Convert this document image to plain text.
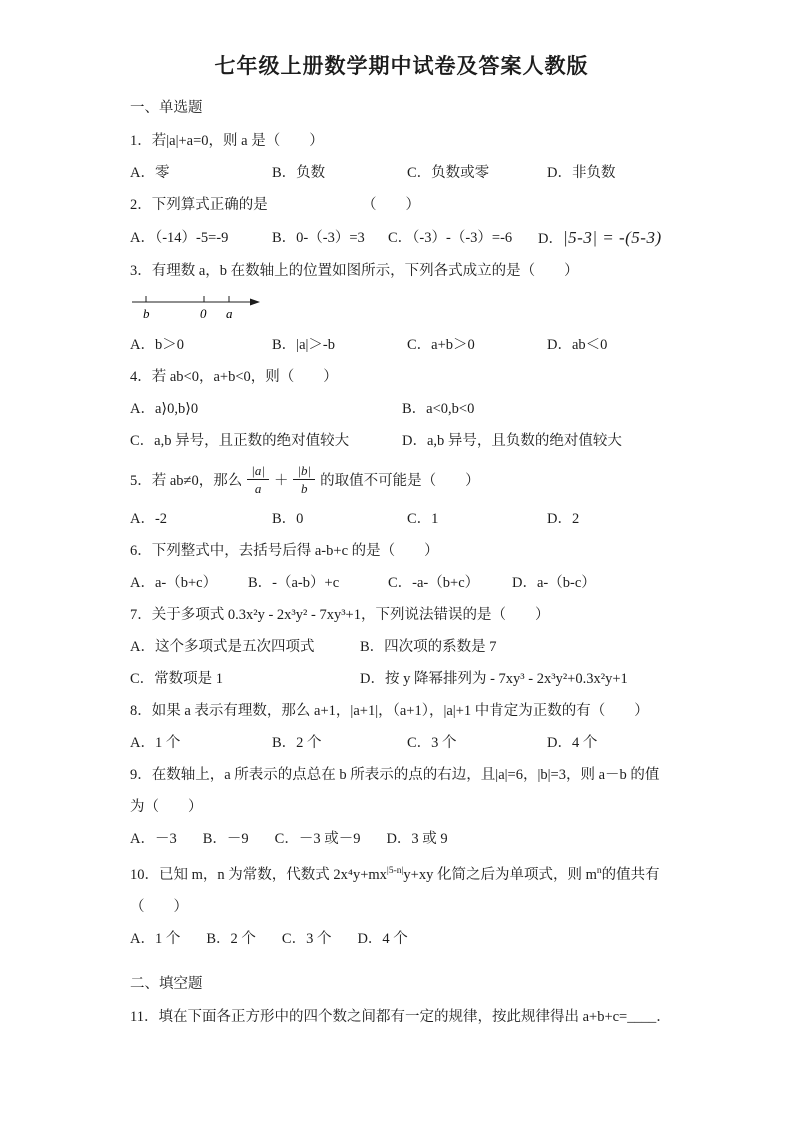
七年级上册数学期中试卷及答案人教版
一、单选题

1．若|a|+a=0，则 a 是（　　）

A．零	B．负数	C．负数或零	D．非负数

2．下列算式正确的是　　　　　　　（　　）

A．（-14）-5=-9	B．0-（-3）=3	C．（-3）-（-3）=-6	D．|5-3| = -(5-3)

3．有理数 a，b 在数轴上的位置如图所示，下列各式成立的是（　　）

b	0 a
A．b＞0	B．|a|＞-b	C．a+b＞0	D．ab＜0

4．若 ab<0，a+b<0，则（　　）

A．a⟩0,b⟩0	B．a<0,b<0
C．a,b 异号，且正数的绝对值较大	D．a,b 异号，且负数的绝对值较大
5．若 ab≠0，那么 $\frac{|a|}{a} + \frac{|b|}{b}$ 的取值不可能是（　　）
A．-2	B．0	C．1	D．2

6．下列整式中，去括号后得 a-b+c 的是（　　）

A．a-（b+c）	B．-（a-b）+c	C．-a-（b+c）	D．a-（b-c）

7．关于多项式 0.3x²y - 2x³y² - 7xy³+1，下列说法错误的是（　　）

A．这个多项式是五次四项式	B．四次项的系数是 7
C．常数项是 1	D．按 y 降幂排列为 - 7xy³ - 2x³y²+0.3x²y+1

8．如果 a 表示有理数，那么 a+1，|a+1|，（a+1），|a|+1 中肯定为正数的有（　　）

A．1 个	B．2 个	C．3 个	D．4 个

9．在数轴上，a 所表示的点总在 b 所表示的点的右边，且|a|=6，|b|=3，则 a－b 的值

为（　　）

A．－3 B．－9 C．－3 或－9 D．3 或 9

10．已知 m，n 为常数，代数式 $2x^4y+mx^{|5-n|}y+xy$ 化简之后为单项式，则 $m^n$的值共有

（　　）

A．1 个 B．2 个 C．3 个 D．4 个
二、填空题

11．填在下面各正方形中的四个数之间都有一定的规律，按此规律得出 a+b+c=____．
